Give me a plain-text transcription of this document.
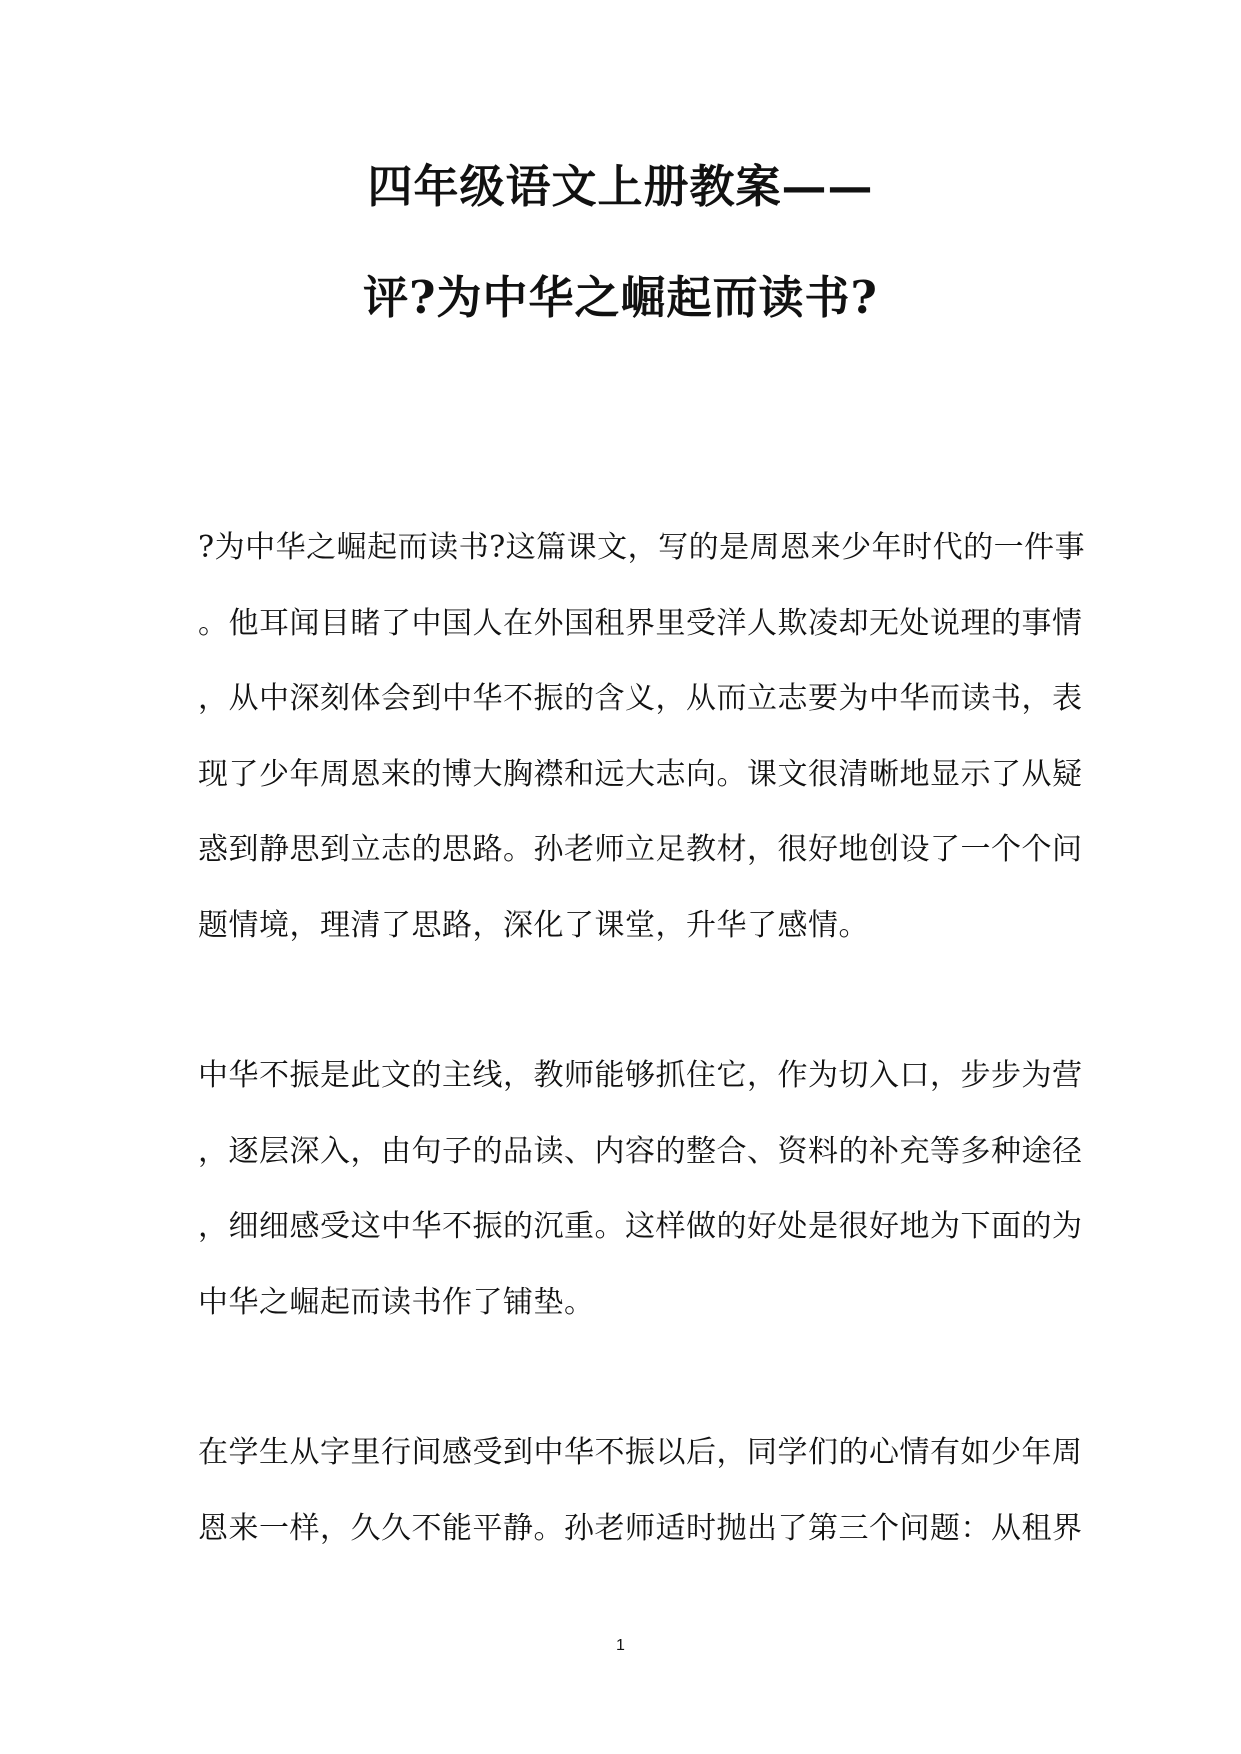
四年级语文上册教案——
评?为中华之崛起而读书?
?为中华之崛起而读书?这篇课文，写的是周恩来少年时代的一件事
。他耳闻目睹了中国人在外国租界里受洋人欺凌却无处说理的事情
，从中深刻体会到中华不振的含义，从而立志要为中华而读书，表
现了少年周恩来的博大胸襟和远大志向。课文很清晰地显示了从疑
惑到静思到立志的思路。孙老师立足教材，很好地创设了一个个问
题情境，理清了思路，深化了课堂，升华了感情。
中华不振是此文的主线，教师能够抓住它，作为切入口，步步为营
，逐层深入，由句子的品读、内容的整合、资料的补充等多种途径
，细细感受这中华不振的沉重。这样做的好处是很好地为下面的为
中华之崛起而读书作了铺垫。
在学生从字里行间感受到中华不振以后，同学们的心情有如少年周
恩来一样，久久不能平静。孙老师适时抛出了第三个问题：从租界
1
